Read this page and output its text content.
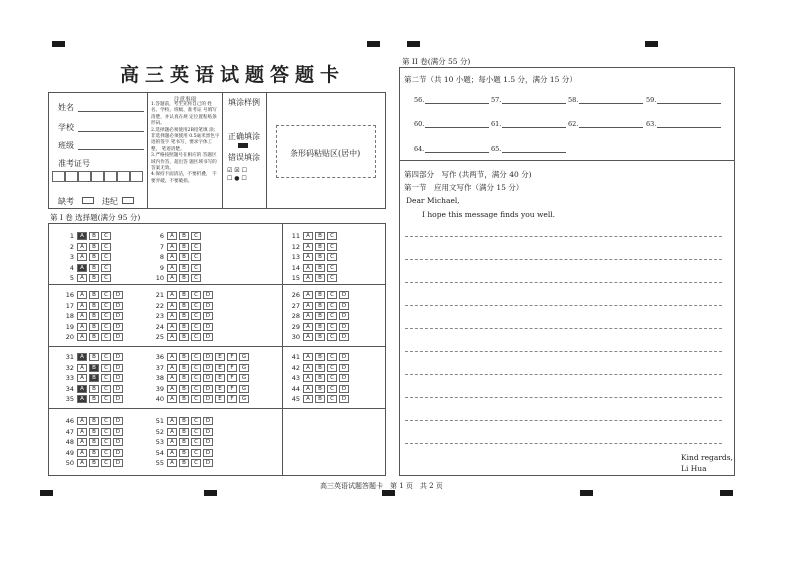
高三英语试题答题卡
姓名
学校
班级
准考证号
缺考	违纪
注意事项
1.答题前，考生先将自己的 姓名、学校、班级、准考证 号填写清楚，并认真在规 定位置粘贴条形码。
2.选择题必须使用2B铅笔填 涂；非选择题必须使用 0.5毫米黑色字迹的签字 笔书写，要求字体工整， 笔迹清楚。
3.严格按照题号在相应的 答题区域内作答，超出答 题区域书写的答案无效。
4.保持卡面清洁，不要折叠， 不要弄破、不要破损。
填涂样例
正确填涂
错误填涂
☑ ☒ ☐
☐ ● ☐
条形码粘贴区(居中)
第 I 卷 选择题(满分 95 分)
1	A	B	C
2	A	B	C
3	A	B	C
4	A	B	C
5	A	B	C
6	A	B	C
7	A	B	C
8	A	B	C
9	A	B	C
10	A	B	C
11	A	B	C
12	A	B	C
13	A	B	C
14	A	B	C
15	A	B	C
16	A	B	C	D
17	A	B	C	D
18	A	B	C	D
19	A	B	C	D
20	A	B	C	D
21	A	B	C	D
22	A	B	C	D
23	A	B	C	D
24	A	B	C	D
25	A	B	C	D
26	A	B	C	D
27	A	B	C	D
28	A	B	C	D
29	A	B	C	D
30	A	B	C	D
31	A	B	C	D
32	A	B	C	D
33	A	B	C	D
34	A	B	C	D
35	A	B	C	D
36	A	B	C	D	E	F	G
37	A	B	C	D	E	F	G
38	A	B	C	D	E	F	G
39	A	B	C	D	E	F	G
40	A	B	C	D	E	F	G
41	A	B	C	D
42	A	B	C	D
43	A	B	C	D
44	A	B	C	D
45	A	B	C	D
46	A	B	C	D
47	A	B	C	D
48	A	B	C	D
49	A	B	C	D
50	A	B	C	D
51	A	B	C	D
52	A	B	C	D
53	A	B	C	D
54	A	B	C	D
55	A	B	C	D
第 II 卷(满分 55 分)
第二节（共 10 小题；每小题 1.5 分，满分 15 分）
56.	57.	58.	59.
60.	61.	62.	63.
64.	65.
第四部分　写作 (共两节，满分 40 分)
第一节　应用文写作（满分 15 分）
Dear Michael,
I hope this message finds you well.
Kind regards,
Li Hua
高三英语试题答题卡　第 1 页　共 2 页
